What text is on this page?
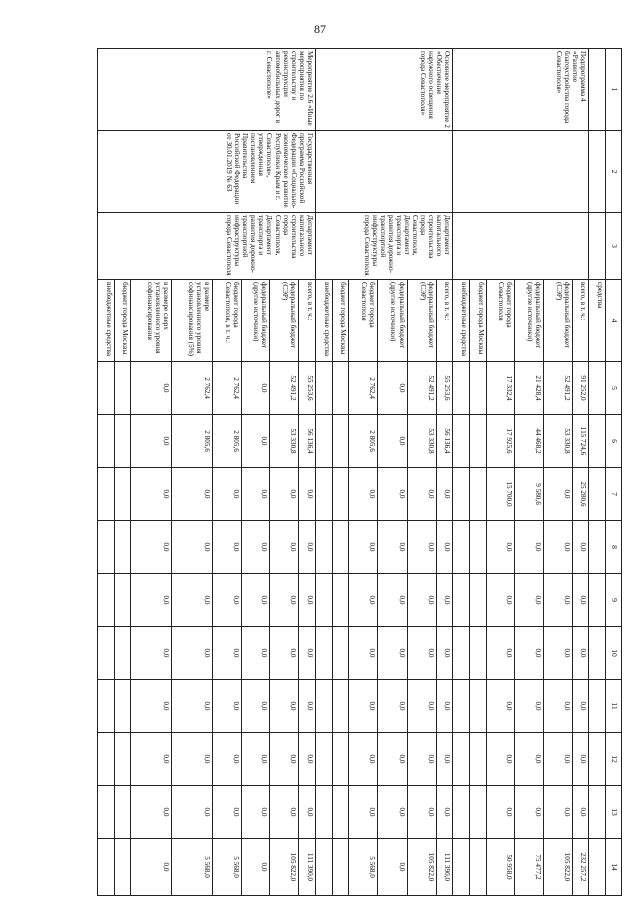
87
1	2	3	4	5	6	7	8	9	10	11	12	13	14
			средства										
Подпрограмма 4 «Развитие благоустройства города Севастополя»			всего, в т. ч.:	91 252,0	115 724,6	25 280,6	0,0	0,0	0,0	0,0	0,0	0,0	232 257,2
			федеральный бюджет (СЭР)	52 491,2	53 330,8	0,0	0,0	0,0	0,0	0,0	0,0	0,0	105 822,0
			федеральный бюджет (другие источники)	21 428,4	44 468,2	9 580,6	0,0	0,0	0,0	0,0	0,0	0,0	75 477,2
			бюджет города Севастополя	17 332,4	17 925,6	15 700,0	0,0	0,0	0,0	0,0	0,0	0,0	50 958,0
			бюджет города Москвы										
			внебюджетные средства										
Основное мероприятие 2 «Обеспечение наружного освещения города Севастополя»		Департамент капитального строительства города Севастополя, Департамент транспорта и развития дорожно-транспортной инфраструктуры города Севастополя	всего, в т. ч.:	55 253,6	56 136,4	0,0	0,0	0,0	0,0	0,0	0,0	0,0	111 390,0
			федеральный бюджет (СЭР)	52 491,2	53 330,8	0,0	0,0	0,0	0,0	0,0	0,0	0,0	105 822,0
			федеральный бюджет (другие источники)	0,0	0,0	0,0	0,0	0,0	0,0	0,0	0,0	0,0	0,0
			бюджет города Севастополя	2 762,4	2 805,6	0,0	0,0	0,0	0,0	0,0	0,0	0,0	5 568,0
			бюджет города Москвы										
			внебюджетные средства										
Мероприятие 2.6 «Иные мероприятия по строительству и реконструкции автомобильных дорог в г. Севастополе»	Государственная программа Российской Федерации «Социально-экономическое развитие Республики Крым и г. Севастополя», утвержденная постановлением Правительства Российской Федерации от 30.01.2019 № 63	Департамент капитального строительства города Севастополя, Департамент транспорта и развития дорожно-транспортной инфраструктуры города Севастополя	всего, в т. ч.:	55 253,6	56 136,4	0,0	0,0	0,0	0,0	0,0	0,0	0,0	111 390,0
			федеральный бюджет (СЭР)	52 491,2	53 330,8	0,0	0,0	0,0	0,0	0,0	0,0	0,0	105 822,0
			федеральный бюджет (другие источники)	0,0	0,0	0,0	0,0	0,0	0,0	0,0	0,0	0,0	0,0
			бюджет города Севастополя, в т. ч.:	2 762,4	2 805,6	0,0	0,0	0,0	0,0	0,0	0,0	0,0	5 568,0
			в размере установленного уровня софинансирования (5%)	2 762,4	2 805,6	0,0	0,0	0,0	0,0	0,0	0,0	0,0	5 568,0
			в размере сверх установленного уровня софинансирования	0,0	0,0	0,0	0,0	0,0	0,0	0,0	0,0	0,0	0,0
			бюджет города Москвы										
			внебюджетные средства										
